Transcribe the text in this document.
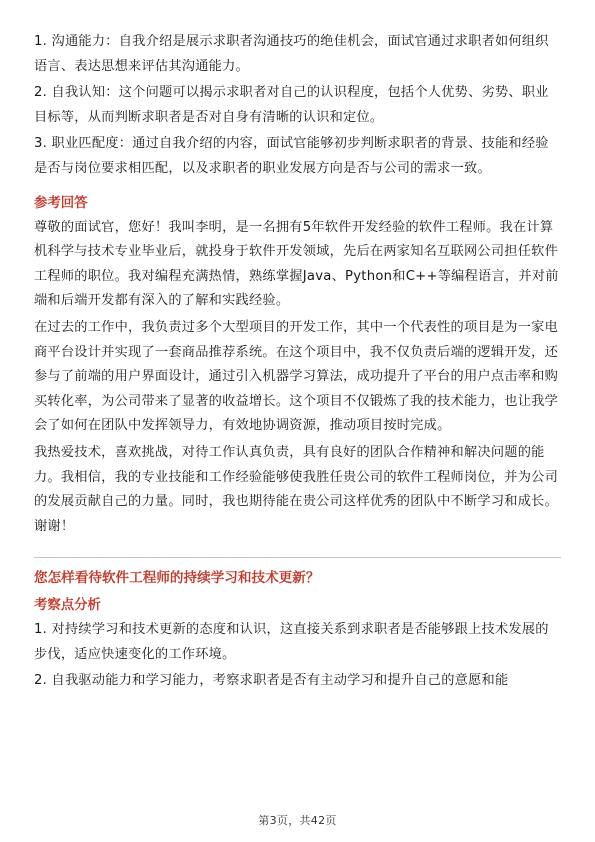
1. 沟通能力：自我介绍是展示求职者沟通技巧的绝佳机会，面试官通过求职者如何组织语言、表达思想来评估其沟通能力。

2. 自我认知：这个问题可以揭示求职者对自己的认识程度，包括个人优势、劣势、职业目标等，从而判断求职者是否对自身有清晰的认识和定位。

3. 职业匹配度：通过自我介绍的内容，面试官能够初步判断求职者的背景、技能和经验是否与岗位要求相匹配，以及求职者的职业发展方向是否与公司的需求一致。

参考回答

尊敬的面试官，您好！我叫李明，是一名拥有5年软件开发经验的软件工程师。我在计算机科学与技术专业毕业后，就投身于软件开发领域，先后在两家知名互联网公司担任软件工程师的职位。我对编程充满热情，熟练掌握Java、Python和C++等编程语言，并对前端和后端开发都有深入的了解和实践经验。

在过去的工作中，我负责过多个大型项目的开发工作，其中一个代表性的项目是为一家电商平台设计并实现了一套商品推荐系统。在这个项目中，我不仅负责后端的逻辑开发，还参与了前端的用户界面设计，通过引入机器学习算法，成功提升了平台的用户点击率和购买转化率，为公司带来了显著的收益增长。这个项目不仅锻炼了我的技术能力，也让我学会了如何在团队中发挥领导力，有效地协调资源，推动项目按时完成。

我热爱技术，喜欢挑战，对待工作认真负责，具有良好的团队合作精神和解决问题的能力。我相信，我的专业技能和工作经验能够使我胜任贵公司的软件工程师岗位，并为公司的发展贡献自己的力量。同时，我也期待能在贵公司这样优秀的团队中不断学习和成长。谢谢！

您怎样看待软件工程师的持续学习和技术更新？
考察点分析

1. 对持续学习和技术更新的态度和认识，这直接关系到求职者是否能够跟上技术发展的步伐，适应快速变化的工作环境。

2. 自我驱动能力和学习能力，考察求职者是否有主动学习和提升自己的意愿和能

第3页，共42页
